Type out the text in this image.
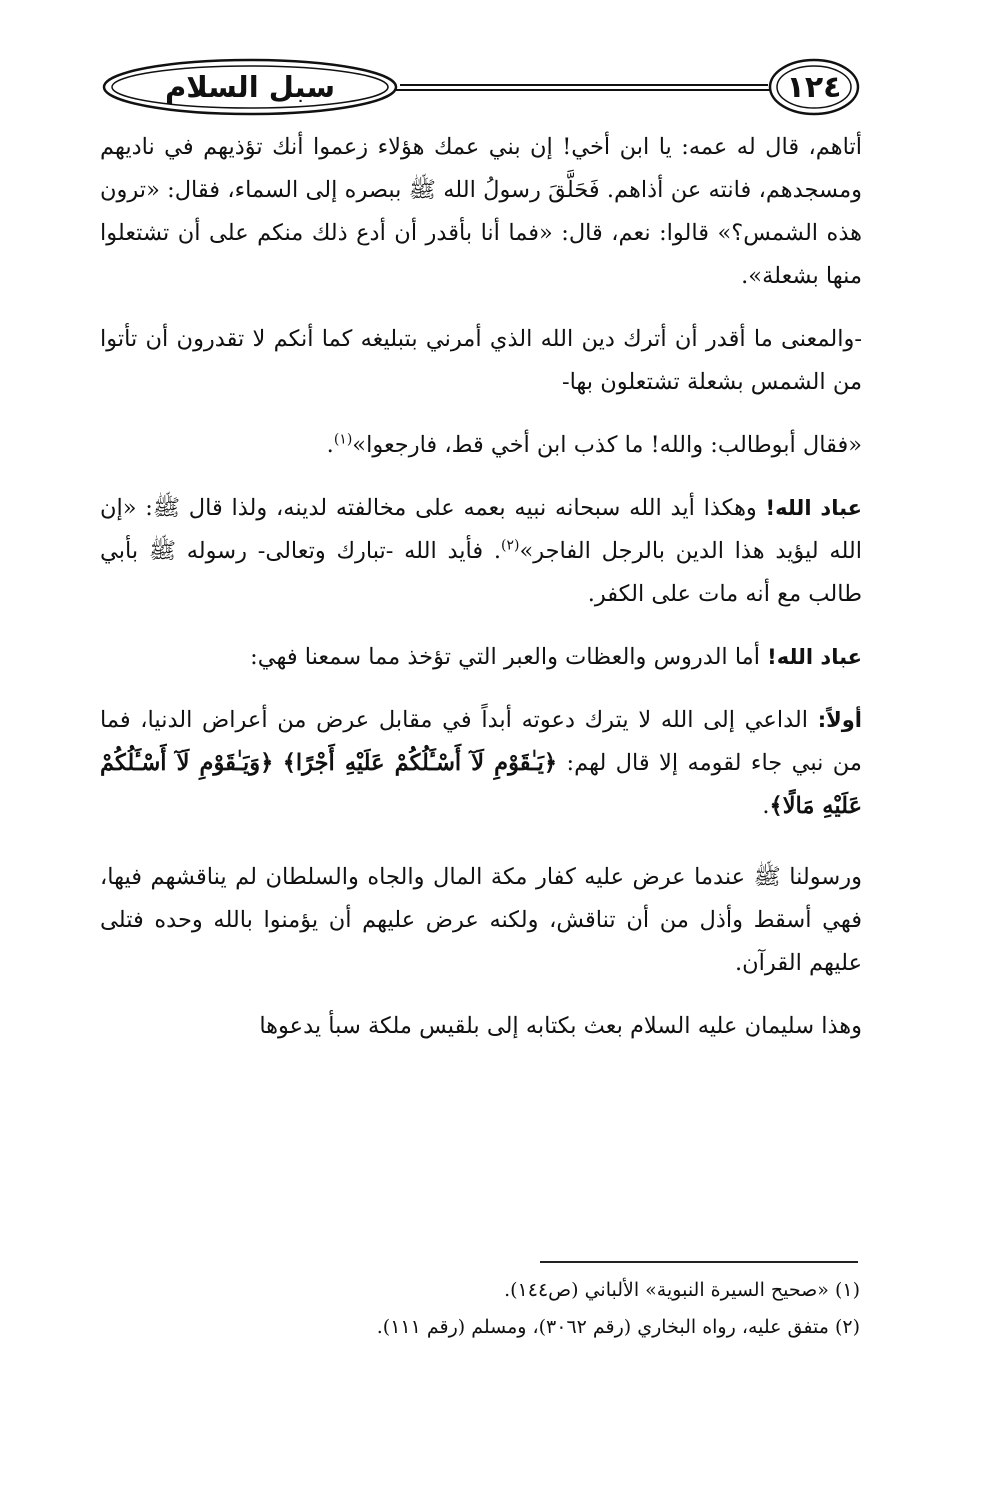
سبل السلام	١٢٤

أتاهم، قال له عمه: يا ابن أخي! إن بني عمك هؤلاء زعموا أنك تؤذيهم في ناديهم ومسجدهم، فانته عن أذاهم. فَحَلَّقَ رسولُ الله ﷺ ببصره إلى السماء، فقال: «ترون هذه الشمس؟» قالوا: نعم، قال: «فما أنا بأقدر أن أدع ذلك منكم على أن تشتعلوا منها بشعلة».

-والمعنى ما أقدر أن أترك دين الله الذي أمرني بتبليغه كما أنكم لا تقدرون أن تأتوا من الشمس بشعلة تشتعلون بها-

«فقال أبوطالب: والله! ما كذب ابن أخي قط، فارجعوا»$^{(١)}$.

عباد الله! وهكذا أيد الله سبحانه نبيه بعمه على مخالفته لدينه، ولذا قال ﷺ: «إن الله ليؤيد هذا الدين بالرجل الفاجر»$^{(٢)}$. فأيد الله -تبارك وتعالى- رسوله ﷺ بأبي طالب مع أنه مات على الكفر.

عباد الله! أما الدروس والعظات والعبر التي تؤخذ مما سمعنا فهي:

أولاً: الداعي إلى الله لا يترك دعوته أبداً في مقابل عرض من أعراض الدنيا، فما من نبي جاء لقومه إلا قال لهم: ﴿يَـٰقَوْمِ لَآ أَسْـَٔلُكُمْ عَلَيْهِ أَجْرًا﴾ ﴿وَيَـٰقَوْمِ لَآ أَسْـَٔلُكُمْ عَلَيْهِ مَالًا﴾.

ورسولنا ﷺ عندما عرض عليه كفار مكة المال والجاه والسلطان لم يناقشهم فيها، فهي أسقط وأذل من أن تناقش، ولكنه عرض عليهم أن يؤمنوا بالله وحده فتلى عليهم القرآن.

وهذا سليمان عليه السلام بعث بكتابه إلى بلقيس ملكة سبأ يدعوها

(١) «صحيح السيرة النبوية» الألباني (ص١٤٤).
(٢) متفق عليه، رواه البخاري (رقم ٣٠٦٢)، ومسلم (رقم ١١١).
